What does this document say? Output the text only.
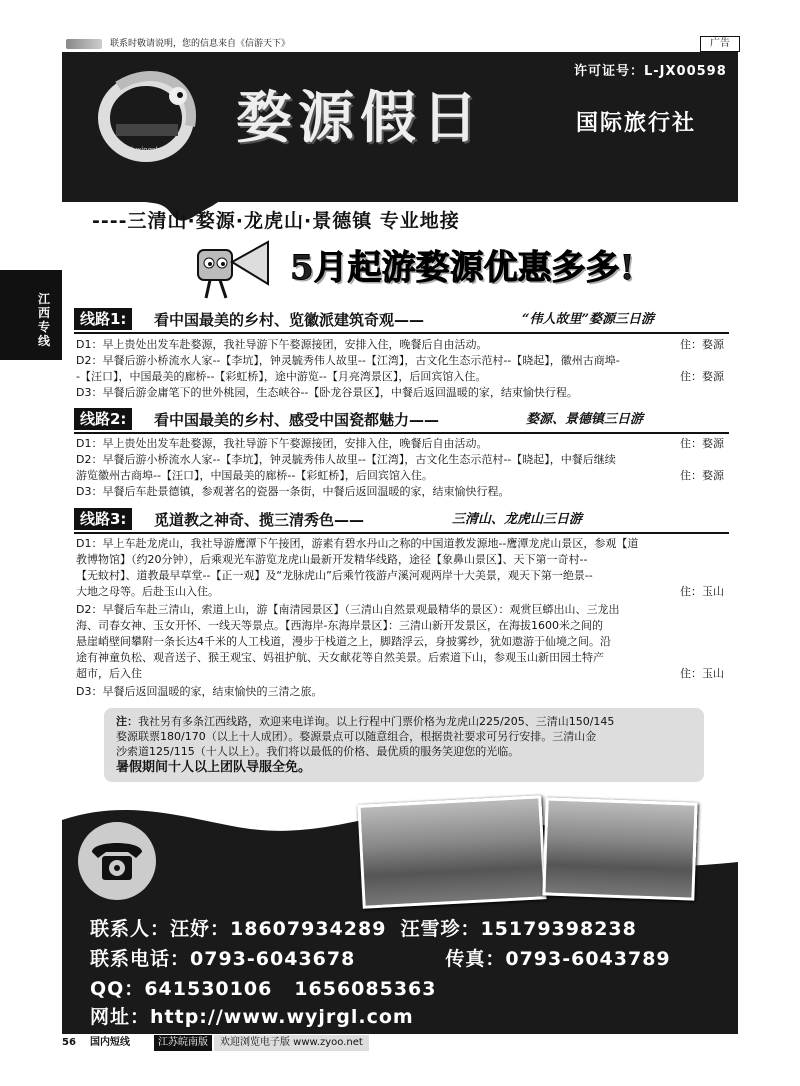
联系时敬请说明，您的信息来自《信游天下》	广告
jiarilvxingshe
许可证号：L-JX00598
婺源假日	国际旅行社
江西专线
----三清山·婺源·龙虎山·景德镇 专业地接
5月起游婺源优惠多多!
线路1:	看中国最美的乡村、览徽派建筑奇观——	“伟人故里”婺源三日游
D1：早上贵处出发车赴婺源，我社导游下午婺源接团，安排入住，晚餐后自由活动。	住：婺源
D2：早餐后游小桥流水人家--【李坑】，钟灵毓秀伟人故里--【江湾】，古文化生态示范村--【晓起】，徽州古商埠-
-【汪口】，中国最美的廊桥--【彩虹桥】，途中游览--【月亮湾景区】，后回宾馆入住。	住：婺源
D3：早餐后游金庸笔下的世外桃园，生态峡谷--【卧龙谷景区】，中餐后返回温暖的家，结束愉快行程。
线路2:	看中国最美的乡村、感受中国瓷都魅力——	婺源、景德镇三日游
D1：早上贵处出发车赴婺源，我社导游下午婺源接团，安排入住，晚餐后自由活动。	住：婺源
D2：早餐后游小桥流水人家--【李坑】，钟灵毓秀伟人故里--【江湾】，古文化生态示范村--【晓起】，中餐后继续
游览徽州古商埠--【汪口】，中国最美的廊桥--【彩虹桥】，后回宾馆入住。	住：婺源
D3：早餐后车赴景德镇，参观著名的瓷器一条街，中餐后返回温暖的家，结束愉快行程。
线路3:	觅道教之神奇、揽三清秀色——	三清山、龙虎山三日游
D1：早上车赴龙虎山，我社导游鹰潭下午接团，游素有碧水丹山之称的中国道教发源地--鹰潭龙虎山景区，参观【道
教博物馆】（约20分钟），后乘观光车游览龙虎山最新开发精华线路，途径【象鼻山景区】、天下第一奇村--
【无蚊村】、道教最早草堂--【正一观】及“龙脉虎山”后乘竹筏游卢溪河观两岸十大美景，观天下第一绝景--
大地之母等。后赴玉山入住。	住：玉山
D2：早餐后车赴三清山，索道上山，游【南清园景区】（三清山自然景观最精华的景区）：观赏巨蟒出山、三龙出
海、司春女神、玉女开怀、一线天等景点。【西海岸-东海岸景区】：三清山新开发景区，在海拔1600米之间的
悬崖峭壁间攀附一条长达4千米的人工栈道，漫步于栈道之上，脚踏浮云，身披雾纱，犹如遨游于仙境之间。沿
途有神童负松、观音送子、猴王观宝、妈祖护航、天女献花等自然美景。后索道下山，参观玉山新田园土特产
超市，后入住	住：玉山
D3：早餐后返回温暖的家，结束愉快的三清之旅。
注：我社另有多条江西线路，欢迎来电详询。以上行程中门票价格为龙虎山225/205、三清山150/145
婺源联票180/170（以上十人成团）。婺源景点可以随意组合，根据贵社要求可另行安排。三清山金
沙索道125/115（十人以上）。我们将以最低的价格、最优质的服务笑迎您的光临。
暑假期间十人以上团队导服全免。
联系人：汪妤：18607934289 汪雪珍：15179398238
联系电话：0793-6043678	传真：0793-6043789
QQ：641530106 1656085363
网址：http://www.wyjrgl.com
56 国内短线	江苏皖南版	欢迎浏览电子版 www.zyoo.net
